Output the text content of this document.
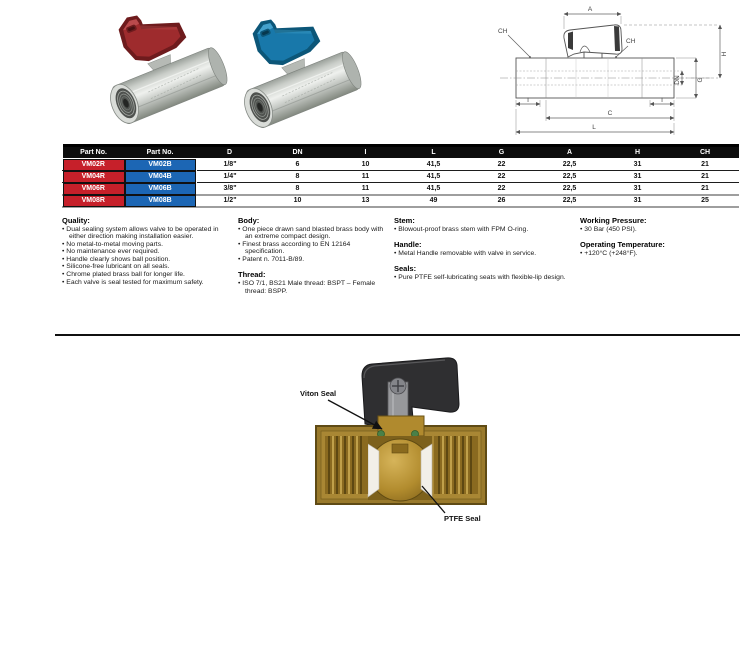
A
H
G
DN
I	I
C
L
CH
CH
Part No.	Part No.	D	DN	I	L	G	A	H	CH
VM02R	VM02B	1/8"	6	10	41,5	22	22,5	31	21
VM04R	VM04B	1/4"	8	11	41,5	22	22,5	31	21
VM06R	VM06B	3/8"	8	11	41,5	22	22,5	31	21
VM08R	VM08B	1/2"	10	13	49	26	22,5	31	25
Quality:
• Dual sealing system allows valve to be operated in either direction making installation easier.
• No metal-to-metal moving parts.
• No maintenance ever required.
• Handle clearly shows ball position.
• Silicone-free lubricant on all seals.
• Chrome plated brass ball for longer life.
• Each valve is seal tested for maximum safety.
Body:
• One piece drawn sand blasted brass body with an extreme compact design.
• Finest brass according to EN 12164 specification.
• Patent n. 7011-B/89.
Thread:
• ISO 7/1, BS21 Male thread: BSPT – Female thread: BSPP.
Stem:
• Blowout-proof brass stem with FPM O-ring.
Handle:
• Metal Handle removable with valve in service.
Seals:
• Pure PTFE self-lubricating seats with flexible-lip design.
Working Pressure:
• 30 Bar (450 PSI).
Operating Temperature:
• +120°C (+248°F).
Viton Seal
PTFE Seal
